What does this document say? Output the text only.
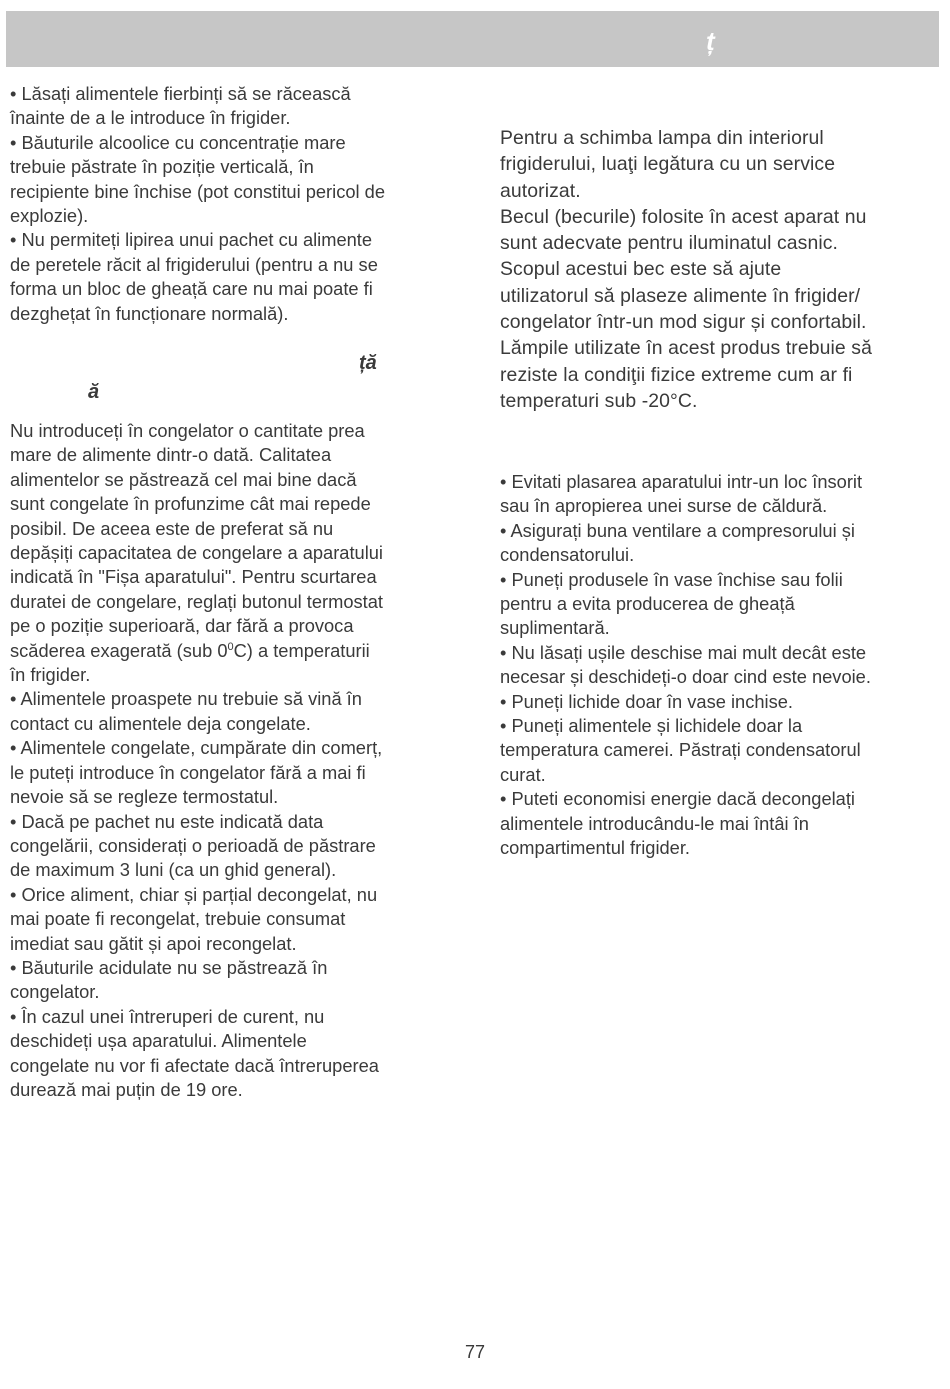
ț

• Lăsați alimentele fierbinți să se răcească
înainte de a le introduce în frigider.

• Băuturile alcoolice cu concentrație mare
trebuie păstrate în poziție verticală, în
recipiente bine închise (pot constitui pericol de
explozie).

• Nu permiteți lipirea unui pachet cu alimente
de peretele răcit al frigiderului (pentru a nu se
forma un bloc de gheață care nu mai poate fi
dezghețat în funcționare normală).

ță
ă

Nu introduceți în congelator o cantitate prea
mare de alimente dintr-o dată. Calitatea
alimentelor se păstrează cel mai bine dacă
sunt congelate în profunzime cât mai repede
posibil. De aceea este de preferat să nu
depășiți capacitatea de congelare a aparatului
indicată în "Fișa aparatului". Pentru scurtarea
duratei de congelare, reglați butonul termostat
pe o poziție superioară, dar fără a provoca
scăderea exagerată (sub $0^0C$) a temperaturii
în frigider.

• Alimentele proaspete nu trebuie să vină în
contact cu alimentele deja congelate.

• Alimentele congelate, cumpărate din comerț,
le puteți introduce în congelator fără a mai fi
nevoie să se regleze termostatul.

• Dacă pe pachet nu este indicată data
congelării, considerați o perioadă de păstrare
de maximum 3 luni (ca un ghid general).

• Orice aliment, chiar și parțial decongelat, nu
mai poate fi recongelat, trebuie consumat
imediat sau gătit și apoi recongelat.

• Băuturile acidulate nu se păstrează în
congelator.

• În cazul unei întreruperi de curent, nu
deschideți ușa aparatului. Alimentele
congelate nu vor fi afectate dacă întreruperea
durează mai puțin de 19 ore.

Pentru a schimba lampa din interiorul
frigiderului, luaţi legătura cu un service
autorizat.
Becul (becurile) folosite în acest aparat nu
sunt adecvate pentru iluminatul casnic.
Scopul acestui bec este să ajute
utilizatorul să plaseze alimente în frigider/
congelator într-un mod sigur și confortabil.
Lămpile utilizate în acest produs trebuie să
reziste la condiţii fizice extreme cum ar fi
temperaturi sub -20°C.

• Evitati plasarea aparatului intr-un loc însorit
sau în apropierea unei surse de căldură.

• Asigurați buna ventilare a compresorului și
condensatorului.

• Puneți produsele în vase închise sau folii
pentru a evita producerea de gheață
suplimentară.

• Nu lăsați ușile deschise mai mult decât este
necesar și deschideți-o doar cind este nevoie.

• Puneți lichide doar în vase inchise.

• Puneți alimentele și lichidele doar la
temperatura camerei. Păstrați condensatorul
curat.

• Puteti economisi energie dacă decongelați
alimentele introducându-le mai întâi în
compartimentul frigider.

77
